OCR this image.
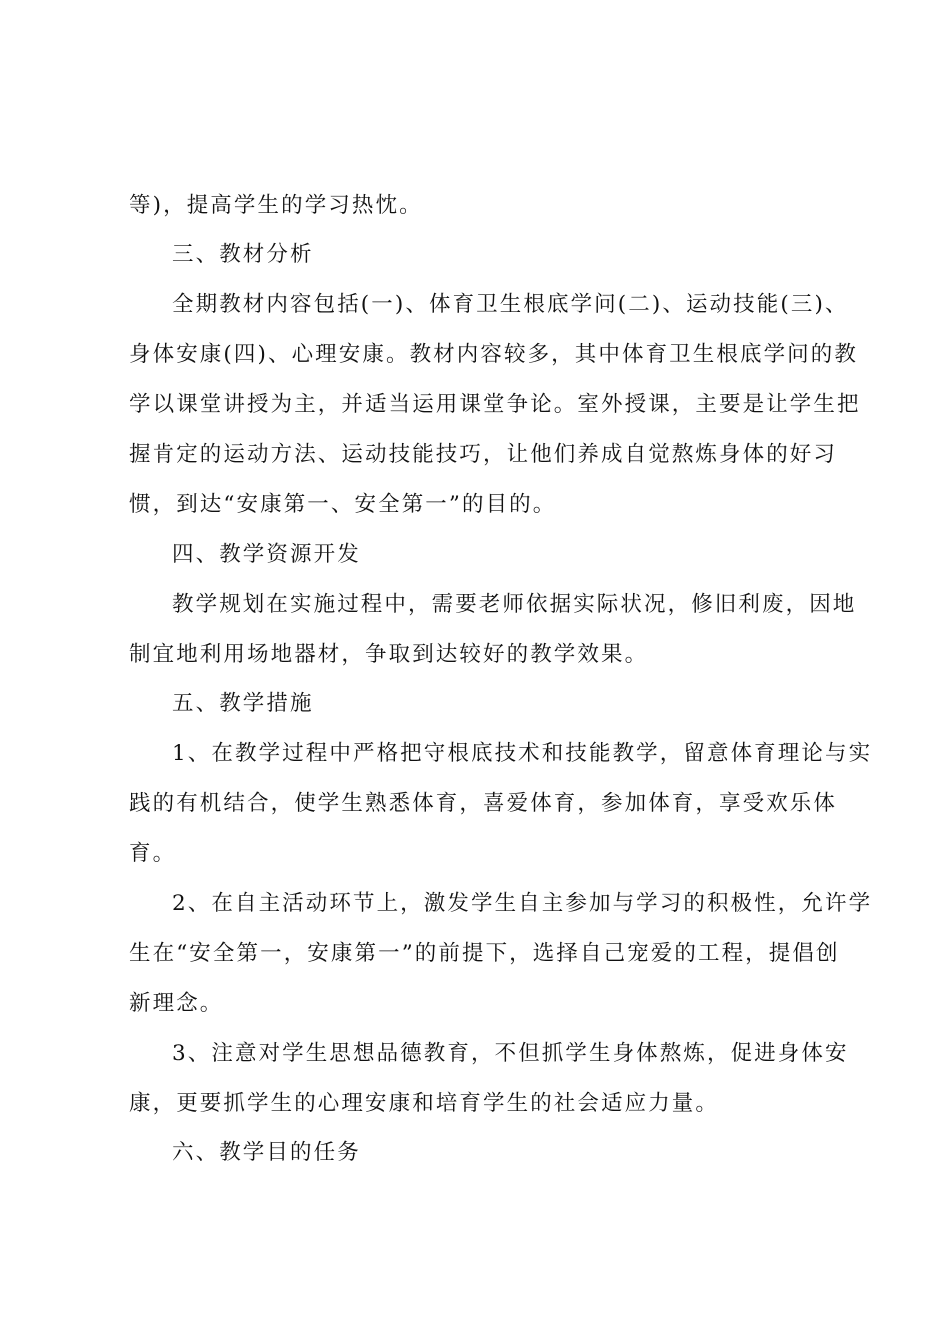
等)，提高学生的学习热忱。
三、教材分析
全期教材内容包括(一)、体育卫生根底学问(二)、运动技能(三)、
身体安康(四)、心理安康。教材内容较多，其中体育卫生根底学问的教
学以课堂讲授为主，并适当运用课堂争论。室外授课，主要是让学生把
握肯定的运动方法、运动技能技巧，让他们养成自觉熬炼身体的好习
惯，到达“安康第一、安全第一”的目的。
四、教学资源开发
教学规划在实施过程中，需要老师依据实际状况，修旧利废，因地
制宜地利用场地器材，争取到达较好的教学效果。
五、教学措施
1、在教学过程中严格把守根底技术和技能教学，留意体育理论与实
践的有机结合，使学生熟悉体育，喜爱体育，参加体育，享受欢乐体
育。
2、在自主活动环节上，激发学生自主参加与学习的积极性，允许学
生在“安全第一，安康第一”的前提下，选择自己宠爱的工程，提倡创
新理念。
3、注意对学生思想品德教育，不但抓学生身体熬炼，促进身体安
康，更要抓学生的心理安康和培育学生的社会适应力量。
六、教学目的任务
